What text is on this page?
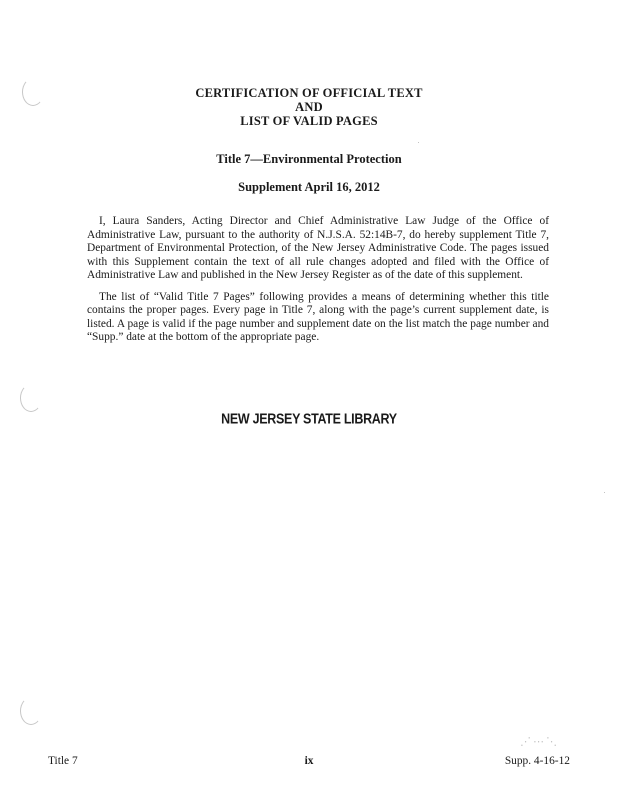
CERTIFICATION OF OFFICIAL TEXT
AND
LIST OF VALID PAGES
Title 7—Environmental Protection
Supplement April 16, 2012

I, Laura Sanders, Acting Director and Chief Administrative Law Judge of the Office of Administrative Law, pursuant to the authority of N.J.S.A. 52:14B-7, do hereby supplement Title 7, Department of Environmental Protection, of the New Jersey Administrative Code. The pages issued with this Supplement contain the text of all rule changes adopted and filed with the Office of Administrative Law and published in the New Jersey Register as of the date of this supplement.

The list of “Valid Title 7 Pages” following provides a means of determining whether this title contains the proper pages. Every page in Title 7, along with the page’s current supplement date, is listed. A page is valid if the page number and supplement date on the list match the page number and “Supp.” date at the bottom of the appropriate page.

NEW JERSEY STATE LIBRARY
⋰⋯⋱
Title 7	ix	Supp. 4-16-12
